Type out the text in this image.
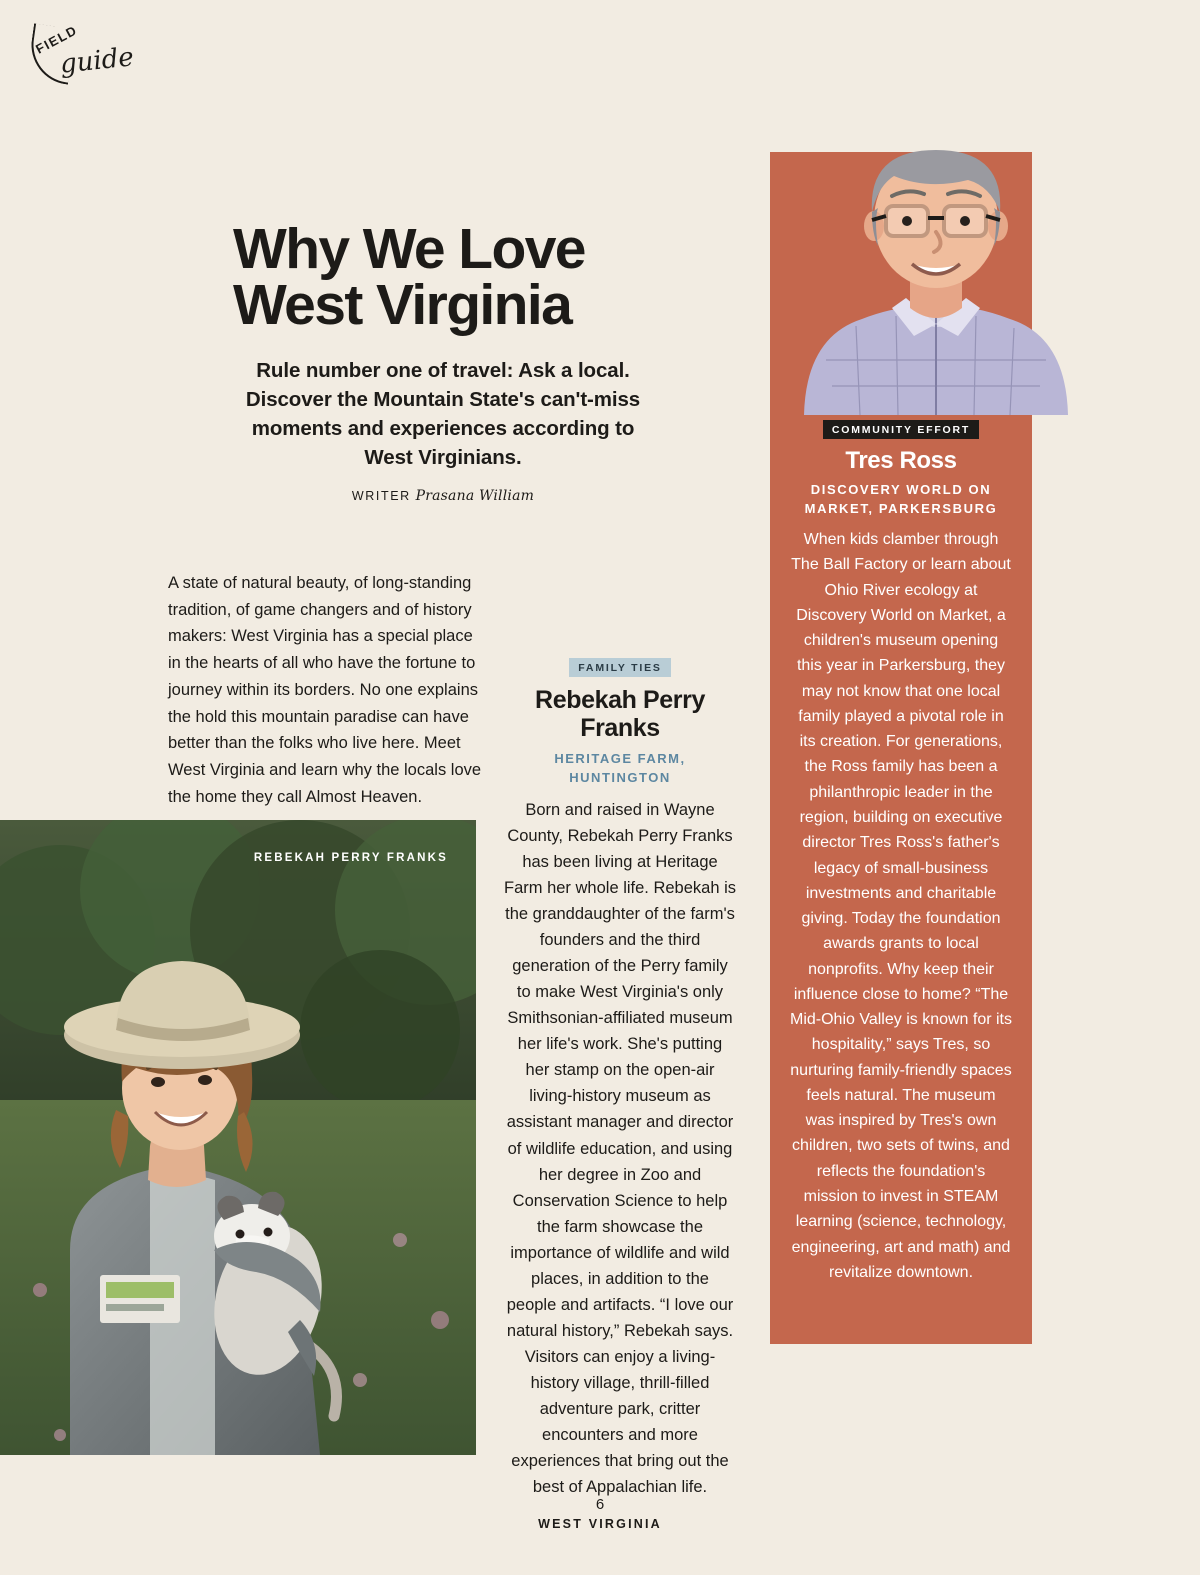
FIELD
guide
Why We Love
West Virginia

Rule number one of travel: Ask a local. Discover the Mountain State's can't-miss moments and experiences according to West Virginians.

WRITER Prasana William
A state of natural beauty, of long-standing tradition, of game changers and of history makers: West Virginia has a special place in the hearts of all who have the fortune to journey within its borders. No one explains the hold this mountain paradise can have better than the folks who live here. Meet West Virginia and learn why the locals love the home they call Almost Heaven.
REBEKAH PERRY FRANKS
FAMILY TIES
Rebekah Perry Franks
HERITAGE FARM, HUNTINGTON
Born and raised in Wayne County, Rebekah Perry Franks has been living at Heritage Farm her whole life. Rebekah is the granddaughter of the farm's founders and the third generation of the Perry family to make West Virginia's only Smithsonian-affiliated museum her life's work. She's putting her stamp on the open-air living-history museum as assistant manager and director of wildlife education, and using her degree in Zoo and Conservation Science to help the farm showcase the importance of wildlife and wild places, in addition to the people and artifacts. “I love our natural history,” Rebekah says. Visitors can enjoy a living-history village, thrill-filled adventure park, critter encounters and more experiences that bring out the best of Appalachian life.
COMMUNITY EFFORT
Tres Ross
DISCOVERY WORLD ON MARKET, PARKERSBURG
When kids clamber through The Ball Factory or learn about Ohio River ecology at Discovery World on Market, a children's museum opening this year in Parkersburg, they may not know that one local family played a pivotal role in its creation. For generations, the Ross family has been a philanthropic leader in the region, building on executive director Tres Ross's father's legacy of small-business investments and charitable giving. Today the foundation awards grants to local nonprofits. Why keep their influence close to home? “The Mid-Ohio Valley is known for its hospitality,” says Tres, so nurturing family-friendly spaces feels natural. The museum was inspired by Tres's own children, two sets of twins, and reflects the foundation's mission to invest in STEAM learning (science, technology, engineering, art and math) and revitalize downtown.
6
WEST VIRGINIA
